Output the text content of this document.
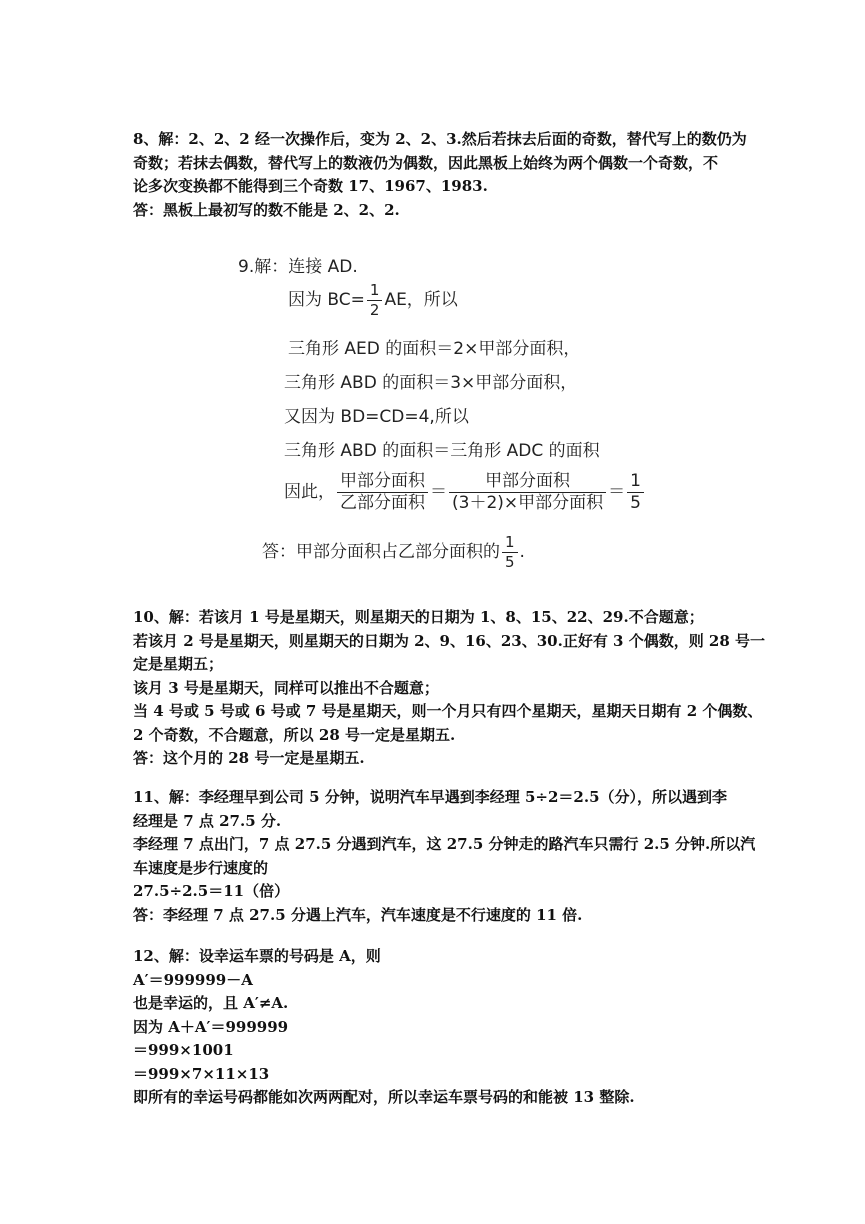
8、解：2、2、2 经一次操作后，变为 2、2、3.然后若抹去后面的奇数，替代写上的数仍为
奇数；若抹去偶数，替代写上的数液仍为偶数，因此黑板上始终为两个偶数一个奇数，不
论多次变换都不能得到三个奇数 17、1967、1983.
答：黑板上最初写的数不能是 2、2、2.
9.解：连接 AD.
因为 $BC= \frac{1}{2}$ AE，所以
三角形 AED 的面积＝2×甲部分面积，
三角形 ABD 的面积＝3×甲部分面积，
又因为 BD=CD=4,所以
三角形 ABD 的面积＝三角形 ADC 的面积
因此， $\frac{\text{甲部分面积}}{\text{乙部分面积}} = \frac{\text{甲部分面积}}{\text{(3＋2)×甲部分面积}} = \frac{1}{5}$
答：甲部分面积占乙部分面积的 $\frac{1}{5}$ .
10、解：若该月 1 号是星期天，则星期天的日期为 1、8、15、22、29.不合题意；
若该月 2 号是星期天，则星期天的日期为 2、9、16、23、30.正好有 3 个偶数，则 28 号一
定是星期五；
该月 3 号是星期天，同样可以推出不合题意；
当 4 号或 5 号或 6 号或 7 号是星期天，则一个月只有四个星期天，星期天日期有 2 个偶数、
2 个奇数，不合题意，所以 28 号一定是星期五.
答：这个月的 28 号一定是星期五.
11、解：李经理早到公司 5 分钟，说明汽车早遇到李经理 5÷2＝2.5（分），所以遇到李
经理是 7 点 27.5 分.
李经理 7 点出门，7 点 27.5 分遇到汽车，这 27.5 分钟走的路汽车只需行 2.5 分钟.所以汽
车速度是步行速度的
27.5÷2.5＝11（倍）
答：李经理 7 点 27.5 分遇上汽车，汽车速度是不行速度的 11 倍.
12、解：设幸运车票的号码是 A，则
A′＝999999－A
也是幸运的，且 A′≠A.
因为 A＋A′＝999999
＝999×1001
＝999×7×11×13
即所有的幸运号码都能如次两两配对，所以幸运车票号码的和能被 13 整除.
